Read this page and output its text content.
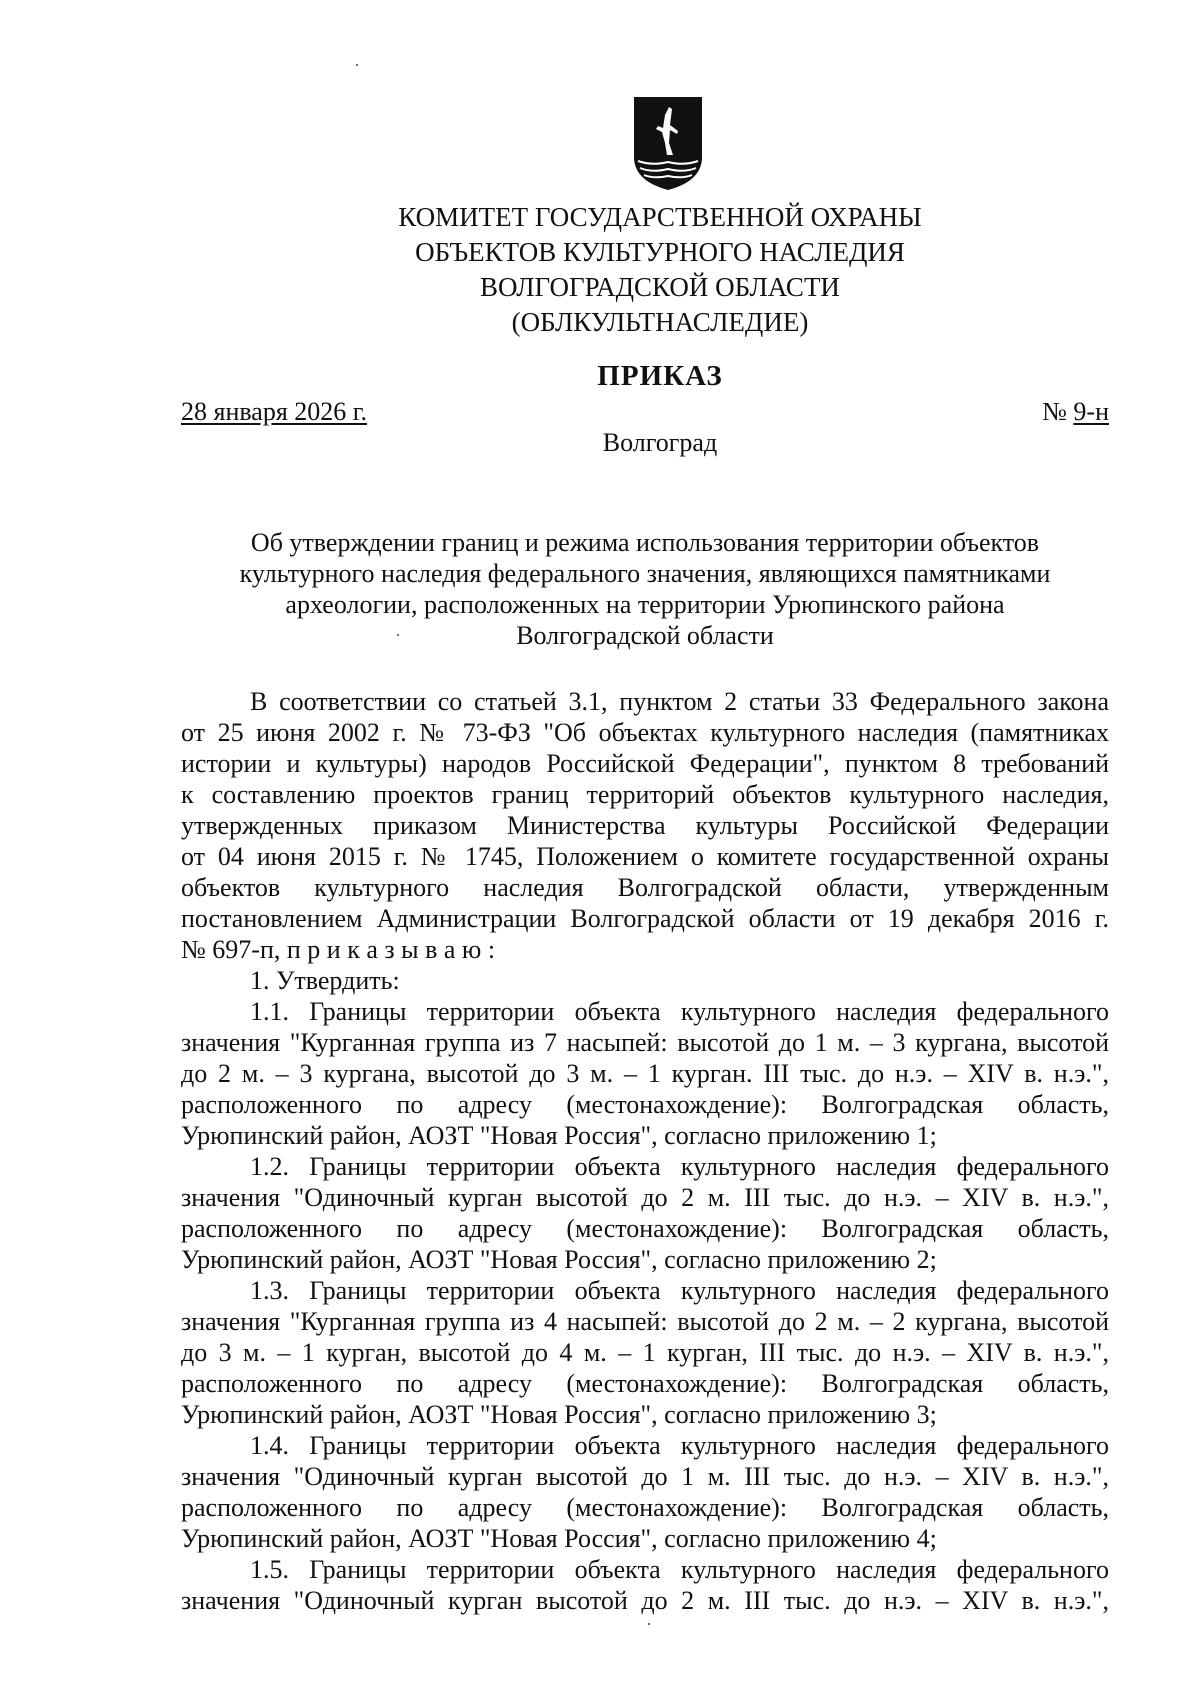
КОМИТЕТ ГОСУДАРСТВЕННОЙ ОХРАНЫ
ОБЪЕКТОВ КУЛЬТУРНОГО НАСЛЕДИЯ
ВОЛГОГРАДСКОЙ ОБЛАСТИ
(ОБЛКУЛЬТНАСЛЕДИЕ)
ПРИКАЗ
28 января 2026 г.	№ 9-н
Волгоград
Об утверждении границ и режима использования территории объектов
культурного наследия федерального значения, являющихся памятниками
археологии, расположенных на территории Урюпинского района
Волгоградской области

В соответствии со статьей 3.1, пунктом 2 статьи 33 Федерального закона

от 25 июня 2002 г. № 73-ФЗ "Об объектах культурного наследия (памятниках

истории и культуры) народов Российской Федерации", пунктом 8 требований

к составлению проектов границ территорий объектов культурного наследия,

утвержденных приказом Министерства культуры Российской Федерации

от 04 июня 2015 г. № 1745, Положением о комитете государственной охраны

объектов культурного наследия Волгоградской области, утвержденным

постановлением Администрации Волгоградской области от 19 декабря 2016 г.

№ 697-п, п р и к а з ы в а ю :

1. Утвердить:

1.1. Границы территории объекта культурного наследия федерального

значения "Курганная группа из 7 насыпей: высотой до 1 м. – 3 кургана, высотой

до 2 м. – 3 кургана, высотой до 3 м. – 1 курган. III тыс. до н.э. – XIV в. н.э.",

расположенного по адресу (местонахождение): Волгоградская область,

Урюпинский район, АОЗТ "Новая Россия", согласно приложению 1;

1.2. Границы территории объекта культурного наследия федерального

значения "Одиночный курган высотой до 2 м. III тыс. до н.э. – XIV в. н.э.",

расположенного по адресу (местонахождение): Волгоградская область,

Урюпинский район, АОЗТ "Новая Россия", согласно приложению 2;

1.3. Границы территории объекта культурного наследия федерального

значения "Курганная группа из 4 насыпей: высотой до 2 м. – 2 кургана, высотой

до 3 м. – 1 курган, высотой до 4 м. – 1 курган, III тыс. до н.э. – XIV в. н.э.",

расположенного по адресу (местонахождение): Волгоградская область,

Урюпинский район, АОЗТ "Новая Россия", согласно приложению 3;

1.4. Границы территории объекта культурного наследия федерального

значения "Одиночный курган высотой до 1 м. III тыс. до н.э. – XIV в. н.э.",

расположенного по адресу (местонахождение): Волгоградская область,

Урюпинский район, АОЗТ "Новая Россия", согласно приложению 4;

1.5. Границы территории объекта культурного наследия федерального

значения "Одиночный курган высотой до 2 м. III тыс. до н.э. – XIV в. н.э.",
